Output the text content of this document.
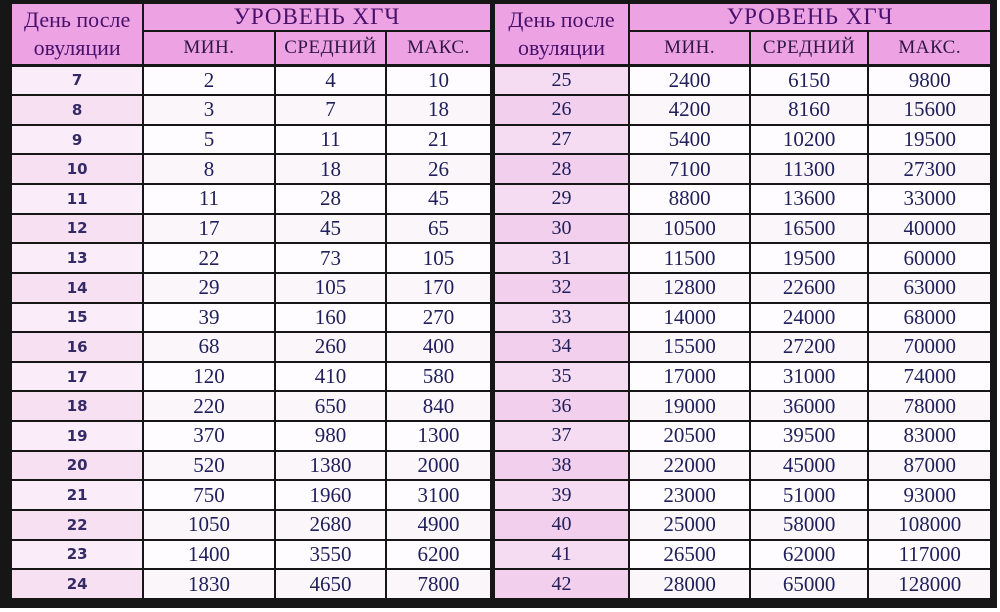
День после
овуляции
	УРОВЕНЬ ХГЧ	День после
овуляции
	УРОВЕНЬ ХГЧ
	МИН.	СРЕДНИЙ	МАКС.		МИН.	СРЕДНИЙ	МАКС.
7	2	4	10	25	2400	6150	9800
8	3	7	18	26	4200	8160	15600
9	5	11	21	27	5400	10200	19500
10	8	18	26	28	7100	11300	27300
11	11	28	45	29	8800	13600	33000
12	17	45	65	30	10500	16500	40000
13	22	73	105	31	11500	19500	60000
14	29	105	170	32	12800	22600	63000
15	39	160	270	33	14000	24000	68000
16	68	260	400	34	15500	27200	70000
17	120	410	580	35	17000	31000	74000
18	220	650	840	36	19000	36000	78000
19	370	980	1300	37	20500	39500	83000
20	520	1380	2000	38	22000	45000	87000
21	750	1960	3100	39	23000	51000	93000
22	1050	2680	4900	40	25000	58000	108000
23	1400	3550	6200	41	26500	62000	117000
24	1830	4650	7800	42	28000	65000	128000
